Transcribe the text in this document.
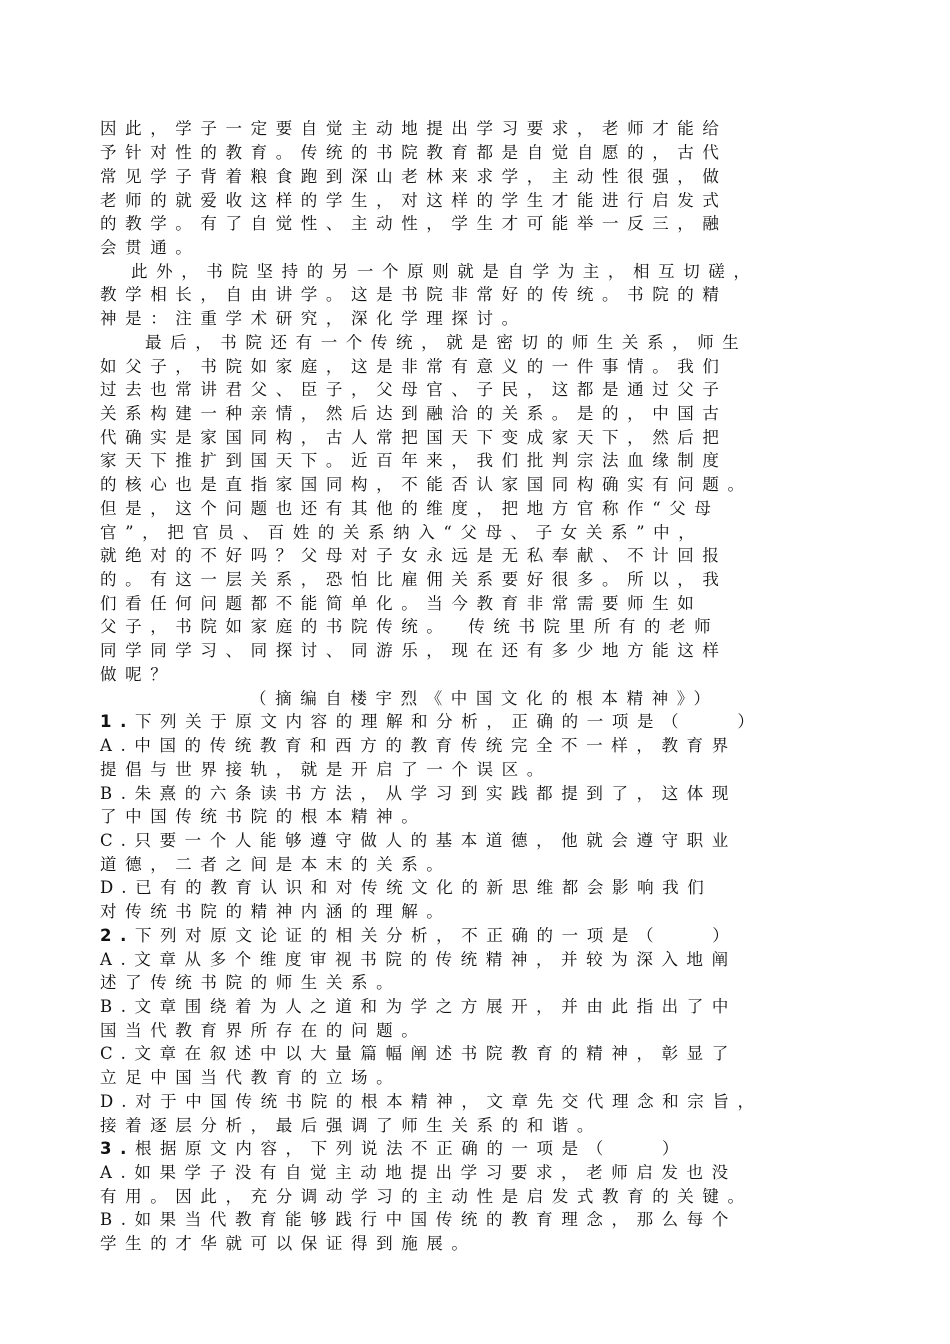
因此，学子一定要自觉主动地提出学习要求，老师才能给
予针对性的教育。传统的书院教育都是自觉自愿的，古代
常见学子背着粮食跑到深山老林来求学，主动性很强，做
老师的就爱收这样的学生，对这样的学生才能进行启发式
的教学。有了自觉性、主动性，学生才可能举一反三，融
会贯通。
此外，书院坚持的另一个原则就是自学为主，相互切磋，
教学相长，自由讲学。这是书院非常好的传统。书院的精
神是：注重学术研究，深化学理探讨。
最后，书院还有一个传统，就是密切的师生关系，师生
如父子，书院如家庭，这是非常有意义的一件事情。我们
过去也常讲君父、臣子，父母官、子民，这都是通过父子
关系构建一种亲情，然后达到融洽的关系。是的，中国古
代确实是家国同构，古人常把国天下变成家天下，然后把
家天下推扩到国天下。近百年来，我们批判宗法血缘制度
的核心也是直指家国同构，不能否认家国同构确实有问题。
但是，这个问题也还有其他的维度，把地方官称作“父母
官”，把官员、百姓的关系纳入“父母、子女关系”中，
就绝对的不好吗？父母对子女永远是无私奉献、不计回报
的。有这一层关系，恐怕比雇佣关系要好很多。所以，我
们看任何问题都不能简单化。当今教育非常需要师生如
父子，书院如家庭的书院传统。　传统书院里所有的老师
同学同学习、同探讨、同游乐，现在还有多少地方能这样
做呢？
（摘编自楼宇烈《中国文化的根本精神》）
1.下列关于原文内容的理解和分析，正确的一项是（　　）
A.中国的传统教育和西方的教育传统完全不一样，教育界
提倡与世界接轨，就是开启了一个误区。
B.朱熹的六条读书方法，从学习到实践都提到了，这体现
了中国传统书院的根本精神。
C.只要一个人能够遵守做人的基本道德，他就会遵守职业
道德，二者之间是本末的关系。
D.已有的教育认识和对传统文化的新思维都会影响我们
对传统书院的精神内涵的理解。
2.下列对原文论证的相关分析，不正确的一项是（　　）
A.文章从多个维度审视书院的传统精神，并较为深入地阐
述了传统书院的师生关系。
B.文章围绕着为人之道和为学之方展开，并由此指出了中
国当代教育界所存在的问题。
C.文章在叙述中以大量篇幅阐述书院教育的精神，彰显了
立足中国当代教育的立场。
D.对于中国传统书院的根本精神，文章先交代理念和宗旨，
接着逐层分析，最后强调了师生关系的和谐。
3.根据原文内容，下列说法不正确的一项是（　　）
A.如果学子没有自觉主动地提出学习要求，老师启发也没
有用。因此，充分调动学习的主动性是启发式教育的关键。
B.如果当代教育能够践行中国传统的教育理念，那么每个
学生的才华就可以保证得到施展。
